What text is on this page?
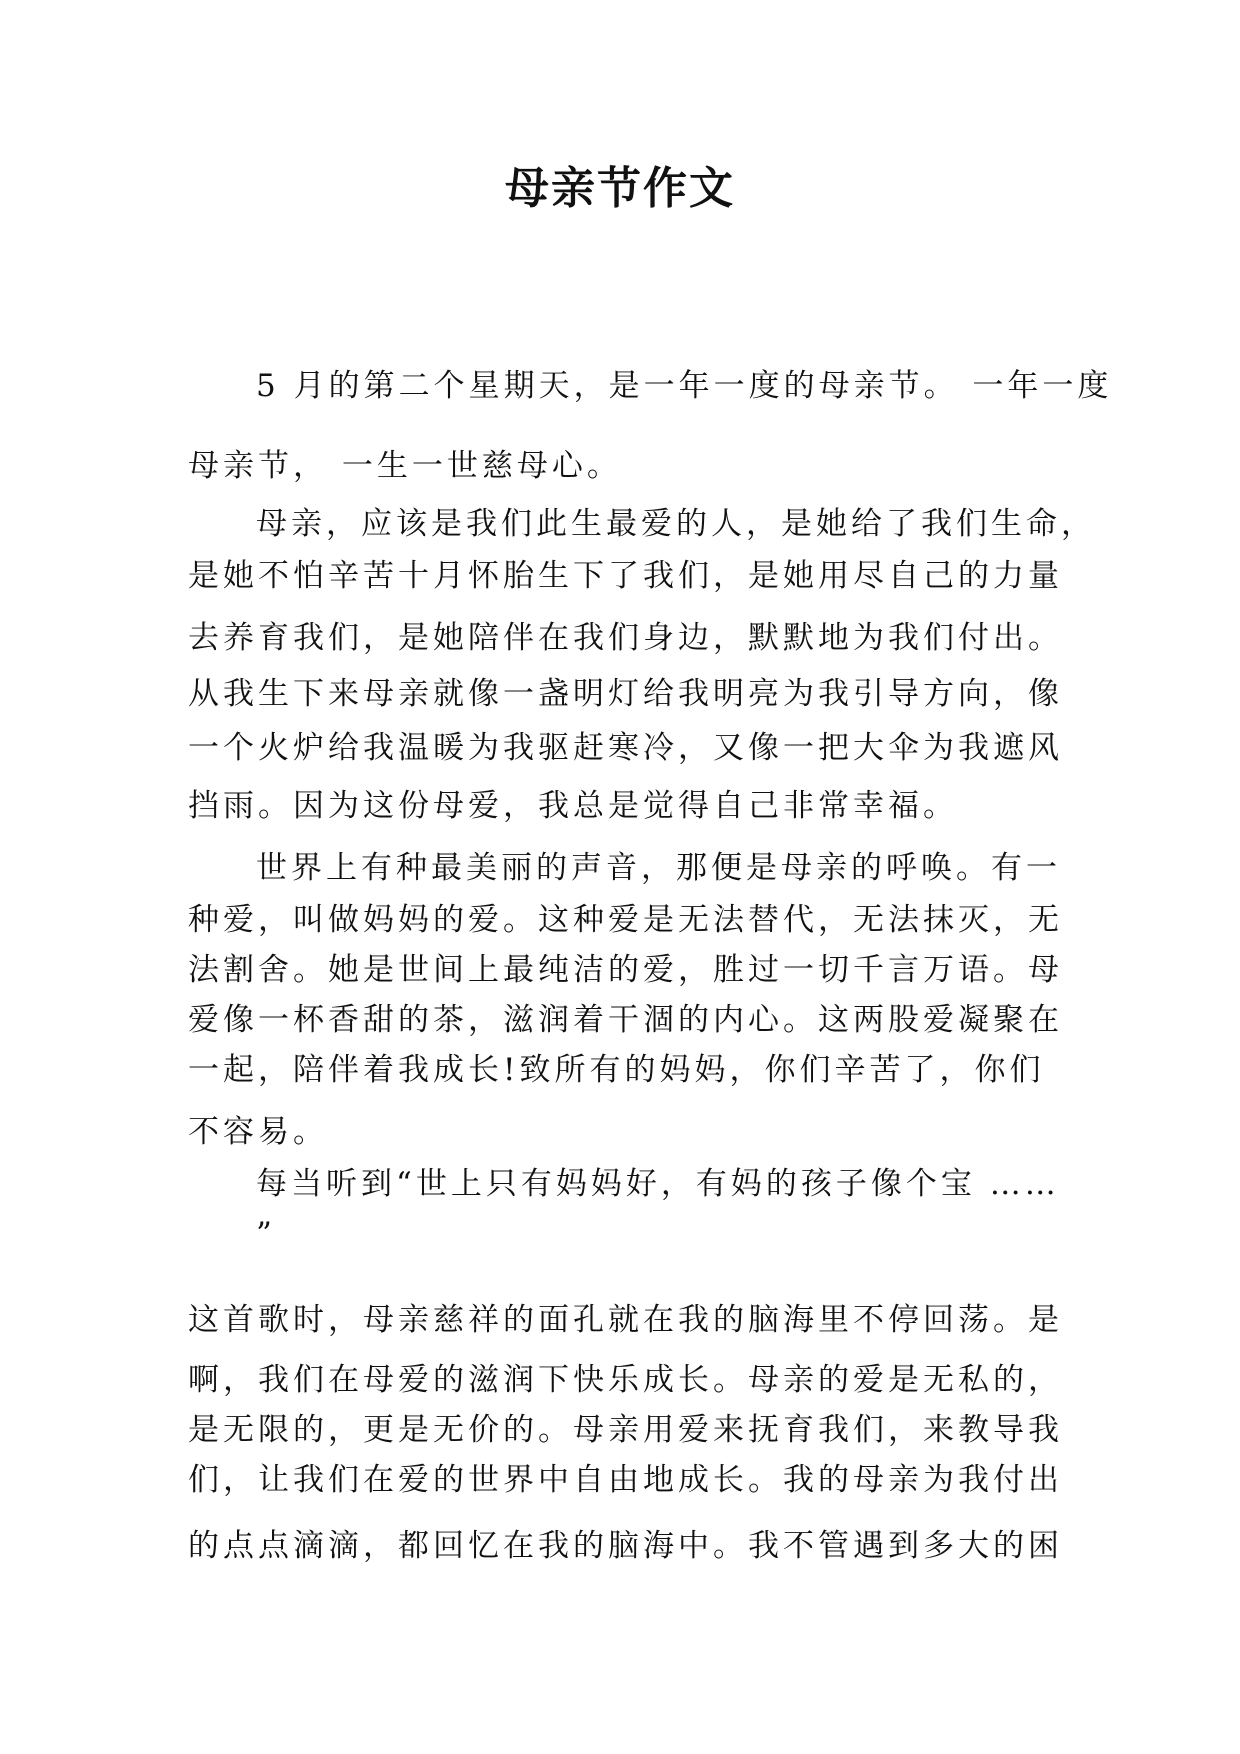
母亲节作文
5 月的第二个星期天，是一年一度的母亲节。 一年一度
母亲节， 一生一世慈母心。
母亲，应该是我们此生最爱的人，是她给了我们生命，
是她不怕辛苦十月怀胎生下了我们，是她用尽自己的力量
去养育我们，是她陪伴在我们身边，默默地为我们付出。
从我生下来母亲就像一盏明灯给我明亮为我引导方向，像
一个火炉给我温暖为我驱赶寒冷，又像一把大伞为我遮风
挡雨。因为这份母爱，我总是觉得自己非常幸福。
世界上有种最美丽的声音，那便是母亲的呼唤。有一
种爱，叫做妈妈的爱。这种爱是无法替代，无法抹灭，无
法割舍。她是世间上最纯洁的爱，胜过一切千言万语。母
爱像一杯香甜的茶，滋润着干涸的内心。这两股爱凝聚在
一起，陪伴着我成长!致所有的妈妈，你们辛苦了，你们
不容易。
每当听到“世上只有妈妈好，有妈的孩子像个宝 ……
”
这首歌时，母亲慈祥的面孔就在我的脑海里不停回荡。是
啊，我们在母爱的滋润下快乐成长。母亲的爱是无私的，
是无限的，更是无价的。母亲用爱来抚育我们，来教导我
们，让我们在爱的世界中自由地成长。我的母亲为我付出
的点点滴滴，都回忆在我的脑海中。我不管遇到多大的困
